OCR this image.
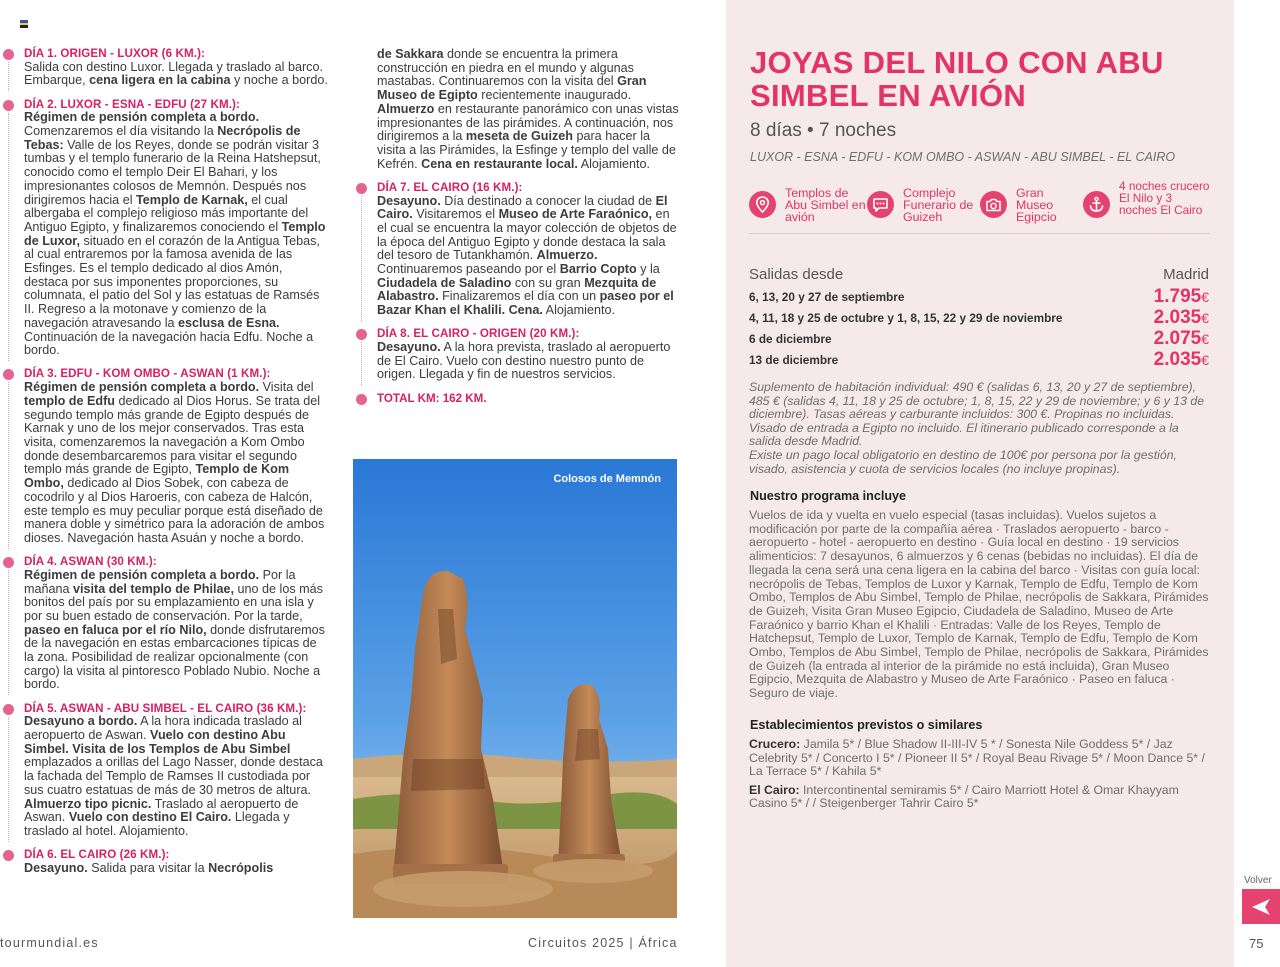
DÍA 1. ORIGEN - LUXOR (6 KM.):

Salida con destino Luxor. Llegada y traslado al barco. Embarque, cena ligera en la cabina y noche a bordo.

DÍA 2. LUXOR - ESNA - EDFU (27 KM.):

Régimen de pensión completa a bordo. Comenzaremos el día visitando la Necrópolis de Tebas: Valle de los Reyes, donde se podrán visitar 3 tumbas y el templo funerario de la Reina Hatshepsut, conocido como el templo Deir El Bahari, y los impresionantes colosos de Memnón. Después nos dirigiremos hacia el Templo de Karnak, el cual albergaba el complejo religioso más importante del Antiguo Egipto, y finalizaremos conociendo el Templo de Luxor, situado en el corazón de la Antigua Tebas, al cual entraremos por la famosa avenida de las Esfinges. Es el templo dedicado al dios Amón, destaca por sus imponentes proporciones, su columnata, el patio del Sol y las estatuas de Ramsés II. Regreso a la motonave y comienzo de la navegación atravesando la esclusa de Esna. Continuación de la navegación hacia Edfu. Noche a bordo.

DÍA 3. EDFU - KOM OMBO - ASWAN (1 KM.):

Régimen de pensión completa a bordo. Visita del templo de Edfu dedicado al Dios Horus. Se trata del segundo templo más grande de Egipto después de Karnak y uno de los mejor conservados. Tras esta visita, comenzaremos la navegación a Kom Ombo donde desembarcaremos para visitar el segundo templo más grande de Egipto, Templo de Kom Ombo, dedicado al Dios Sobek, con cabeza de cocodrilo y al Dios Haroeris, con cabeza de Halcón, este templo es muy peculiar porque está diseñado de manera doble y simétrico para la adoración de ambos dioses. Navegación hasta Asuán y noche a bordo.

DÍA 4. ASWAN (30 KM.):

Régimen de pensión completa a bordo. Por la mañana visita del templo de Philae, uno de los más bonitos del país por su emplazamiento en una isla y por su buen estado de conservación. Por la tarde, paseo en faluca por el río Nilo, donde disfrutaremos de la navegación en estas embarcaciones típicas de la zona. Posibilidad de realizar opcionalmente (con cargo) la visita al pintoresco Poblado Nubio. Noche a bordo.

DÍA 5. ASWAN - ABU SIMBEL - EL CAIRO (36 KM.):

Desayuno a bordo. A la hora indicada traslado al aeropuerto de Aswan. Vuelo con destino Abu Simbel. Visita de los Templos de Abu Simbel emplazados a orillas del Lago Nasser, donde destaca la fachada del Templo de Ramses II custodiada por sus cuatro estatuas de más de 30 metros de altura. Almuerzo tipo picnic. Traslado al aeropuerto de Aswan. Vuelo con destino El Cairo. Llegada y traslado al hotel. Alojamiento.

DÍA 6. EL CAIRO (26 KM.):

Desayuno. Salida para visitar la Necrópolis

de Sakkara donde se encuentra la primera construcción en piedra en el mundo y algunas mastabas. Continuaremos con la visita del Gran Museo de Egipto recientemente inaugurado. Almuerzo en restaurante panorámico con unas vistas impresionantes de las pirámides. A continuación, nos dirigiremos a la meseta de Guizeh para hacer la visita a las Pirámides, la Esfinge y templo del valle de Kefrén. Cena en restaurante local. Alojamiento.

DÍA 7. EL CAIRO (16 KM.):

Desayuno. Día destinado a conocer la ciudad de El Cairo. Visitaremos el Museo de Arte Faraónico, en el cual se encuentra la mayor colección de objetos de la época del Antiguo Egipto y donde destaca la sala del tesoro de Tutankhamón. Almuerzo. Continuaremos paseando por el Barrio Copto y la Ciudadela de Saladino con su gran Mezquita de Alabastro. Finalizaremos el día con un paseo por el Bazar Khan el Khalili. Cena. Alojamiento.

DÍA 8. EL CAIRO - ORIGEN (20 KM.):

Desayuno. A la hora prevista, traslado al aeropuerto de El Cairo. Vuelo con destino nuestro punto de origen. Llegada y fin de nuestros servicios.

TOTAL KM: 162 KM.
Colosos de Memnón
tourmundial.es	Circuitos 2025 | África
JOYAS DEL NILO CON ABU SIMBEL EN AVIÓN
8 días • 7 noches
LUXOR - ESNA - EDFU - KOM OMBO - ASWAN - ABU SIMBEL - EL CAIRO
Templos de Abu Simbel en avión
Complejo Funerario de Guizeh
Gran Museo Egipcio
4 noches crucero El Nilo y 3 noches El Cairo
Salidas desde	Madrid
6, 13, 20 y 27 de septiembre	1.795€
4, 11, 18 y 25 de octubre y 1, 8, 15, 22 y 29 de noviembre	2.035€
6 de diciembre	2.075€
13 de diciembre	2.035€

Suplemento de habitación individual: 490 € (salidas 6, 13, 20 y 27 de septiembre), 485 € (salidas 4, 11, 18 y 25 de octubre; 1, 8, 15, 22 y 29 de noviembre; y 6 y 13 de diciembre). Tasas aéreas y carburante incluidos: 300 €. Propinas no incluidas. Visado de entrada a Egipto no incluido. El itinerario publicado corresponde a la salida desde Madrid.

Existe un pago local obligatorio en destino de 100€ por persona por la gestión, visado, asistencia y cuota de servicios locales (no incluye propinas).

Nuestro programa incluye
Vuelos de ida y vuelta en vuelo especial (tasas incluidas). Vuelos sujetos a modificación por parte de la compañía aérea · Traslados aeropuerto - barco - aeropuerto - hotel - aeropuerto en destino · Guía local en destino · 19 servicios alimenticios: 7 desayunos, 6 almuerzos y 6 cenas (bebidas no incluidas). El día de llegada la cena será una cena ligera en la cabina del barco · Visitas con guía local: necrópolis de Tebas, Templos de Luxor y Karnak, Templo de Edfu, Templo de Kom Ombo, Templos de Abu Simbel, Templo de Philae, necrópolis de Sakkara, Pirámides de Guizeh, Visita Gran Museo Egipcio, Ciudadela de Saladino, Museo de Arte Faraónico y barrio Khan el Khalili · Entradas: Valle de los Reyes, Templo de Hatchepsut, Templo de Luxor, Templo de Karnak, Templo de Edfu, Templo de Kom Ombo, Templos de Abu Simbel, Templo de Philae, necrópolis de Sakkara, Pirámides de Guizeh (la entrada al interior de la pirámide no está incluida), Gran Museo Egipcio, Mezquita de Alabastro y Museo de Arte Faraónico · Paseo en faluca · Seguro de viaje.
Establecimientos previstos o similares

Crucero: Jamila 5* / Blue Shadow II-III-IV 5 * / Sonesta Nile Goddess 5* / Jaz Celebrity 5* / Concerto I 5* / Pioneer II 5* / Royal Beau Rivage 5* / Moon Dance 5* / La Terrace 5* / Kahila 5*

El Cairo: Intercontinental semiramis 5* / Cairo Marriott Hotel & Omar Khayyam Casino 5* / / Steigenberger Tahrir Cairo 5*

Volver
75
